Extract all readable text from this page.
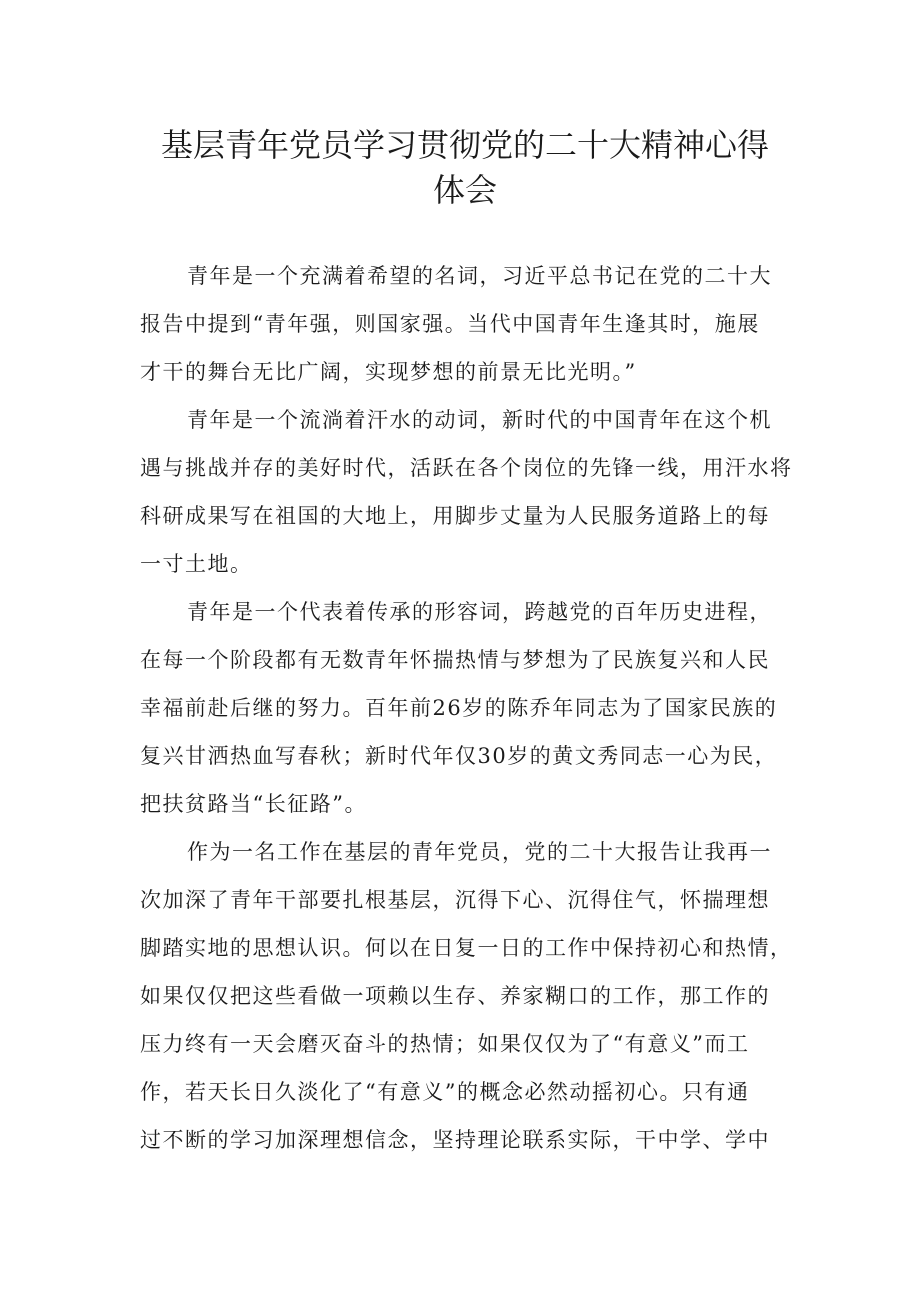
基层青年党员学习贯彻党的二十大精神心得
体会
青年是一个充满着希望的名词，习近平总书记在党的二十大
报告中提到“青年强，则国家强。当代中国青年生逢其时，施展
才干的舞台无比广阔，实现梦想的前景无比光明。”
青年是一个流淌着汗水的动词，新时代的中国青年在这个机
遇与挑战并存的美好时代，活跃在各个岗位的先锋一线，用汗水将
科研成果写在祖国的大地上，用脚步丈量为人民服务道路上的每
一寸土地。
青年是一个代表着传承的形容词，跨越党的百年历史进程，
在每一个阶段都有无数青年怀揣热情与梦想为了民族复兴和人民
幸福前赴后继的努力。百年前26岁的陈乔年同志为了国家民族的
复兴甘洒热血写春秋；新时代年仅30岁的黄文秀同志一心为民，
把扶贫路当“长征路”。
作为一名工作在基层的青年党员，党的二十大报告让我再一
次加深了青年干部要扎根基层，沉得下心、沉得住气，怀揣理想
脚踏实地的思想认识。何以在日复一日的工作中保持初心和热情，
如果仅仅把这些看做一项赖以生存、养家糊口的工作，那工作的
压力终有一天会磨灭奋斗的热情；如果仅仅为了“有意义”而工
作，若天长日久淡化了“有意义”的概念必然动摇初心。只有通
过不断的学习加深理想信念，坚持理论联系实际，干中学、学中
